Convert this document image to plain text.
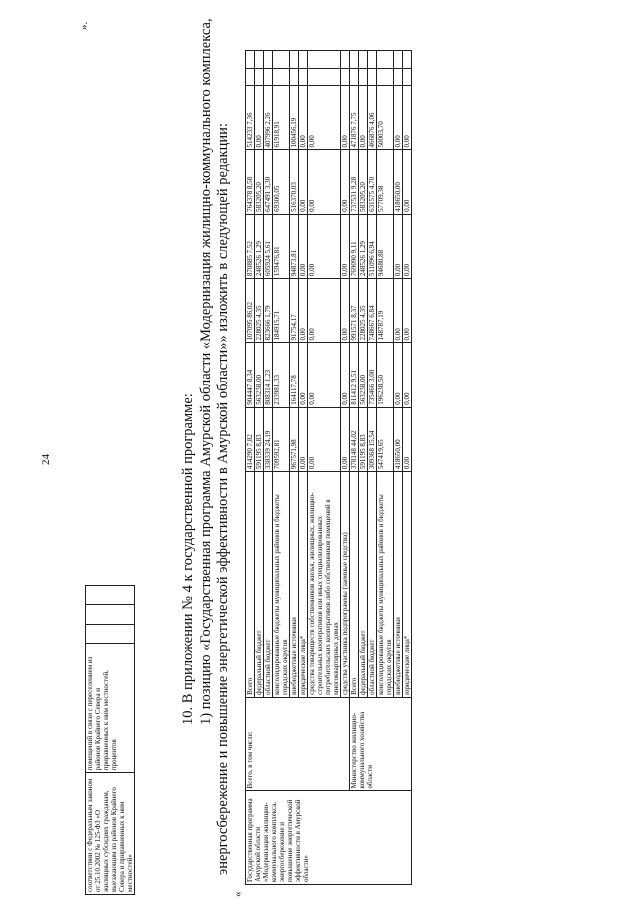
24
соответствии с Федеральным законом от 25.10.2002 № 125-ФЗ «О жилищных субсидиях гражданам, выезжающим из районов Крайнего Севера и приравненных к ним местностей»	помещений в связи с переселением из районов Крайнего Севера и приравненных к ним местностей, процентов			
».
10. В приложении № 4 к государственной программе: 1) позицию «Государственная программа Амурской области «Модернизация жилищно-коммунального комплекса, энергосбережение и повышение энергетической эффективности в Амурской области»» изложить в следующей редакции:
«
Государственная программа Амурской области «Модернизация жилищно-коммунального комплекса, энергосбережение и повышение энергетической эффективности в Амурской области»	Всего, в том числе:	Всего	414290 7,82	904447 8,34	107095 86,02	870885 7,52	764378 8,58	514233 7,36		
		федеральный бюджет	591195 8,83	563238,00	228025 4,35	248526 1,29	583205,20	0,00		
		областной бюджет	338339 24,19	808314 1,23	823666 1,79	605924 5,61	647491 3,30	407996 2,26		
		консолидированные бюджеты муниципальных районов и бюджеты городских округов	709592,81	233981,33	184915,71	159476,81	69300,05	61918,91		
		внебюджетные источники	967571,98	164117,78	91754,17	94873,81	516370,03	100456,19		
		юридические лица*	0,00	0,00	0,00	0,00	0,00	0,00		
		средства товариществ собственников жилья, жилищных, жилищно-строительных кооперативов или иных специализированных потребительских кооперативов либо собственников помещений в многоквартирных домах	0,00	0,00	0,00	0,00	0,00	0,00		
		средства участника подпрограммы (заемные средства)	0,00	0,00	0,00	0,00	0,00	0,00		
	Министерство жилищно-коммунального хозяйства области	Всего	378148 44,02	811412 9,51	991571 8,37	769090 9,11	737531 9,28	471876 7,75		
		федеральный бюджет	591195 8,83	563238,00	228025 4,35	248526 1,29	583205,20	0,00		
		областной бюджет	309368 15,54	735466 3,00	748667 6,84	511096 6,94	631575 4,70	466876 4,06		
		консолидированные бюджеты муниципальных районов и бюджеты городских округов	547419,65	196238,50	148787,19	94680,88	57709,38	50003,70		
		внебюджетные источники	418650,00	0,00	0,00	0,00	418650,00	0,00		
		юридические лица*	0,00	0,00	0,00	0,00	0,00	0,00		
